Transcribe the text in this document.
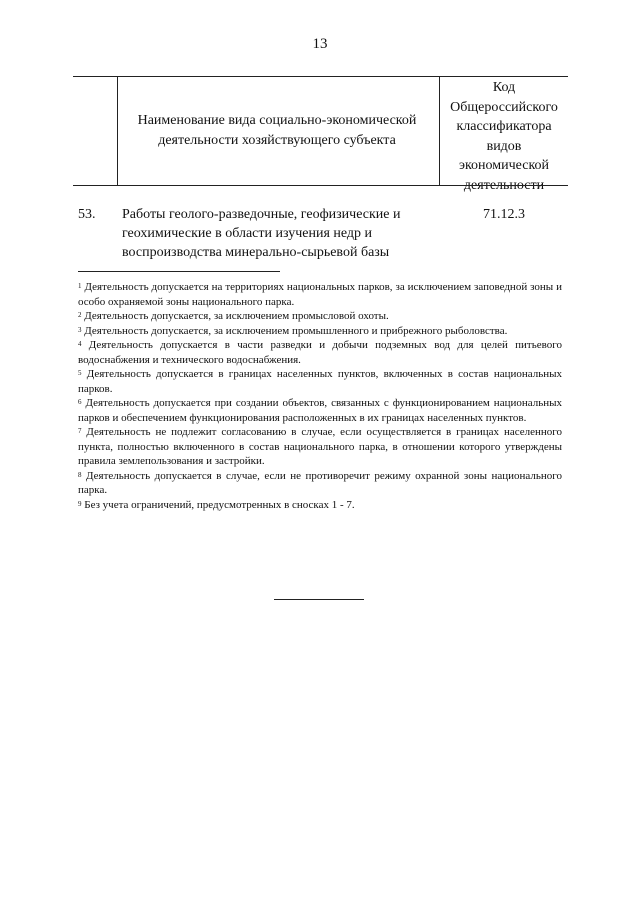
13
Наименование вида социально-экономической деятельности хозяйствующего субъекта
Код Общероссийского классификатора видов экономической деятельности
53.	Работы геолого-разведочные, геофизические и геохимические в области изучения недр и воспроизводства минерально-сырьевой базы
71.12.3

$^1$ Деятельность допускается на территориях национальных парков, за исключением заповедной зоны и особо охраняемой зоны национального парка.

$^2$ Деятельность допускается, за исключением промысловой охоты.

$^3$ Деятельность допускается, за исключением промышленного и прибрежного рыболовства.

$^4$ Деятельность допускается в части разведки и добычи подземных вод для целей питьевого водоснабжения и технического водоснабжения.

$^5$ Деятельность допускается в границах населенных пунктов, включенных в состав национальных парков.

$^6$ Деятельность допускается при создании объектов, связанных с функционированием национальных парков и обеспечением функционирования расположенных в их границах населенных пунктов.

$^7$ Деятельность не подлежит согласованию в случае, если осуществляется в границах населенного пункта, полностью включенного в состав национального парка, в отношении которого утверждены правила землепользования и застройки.

$^8$ Деятельность допускается в случае, если не противоречит режиму охранной зоны национального парка.

$^9$ Без учета ограничений, предусмотренных в сносках 1 - 7.
